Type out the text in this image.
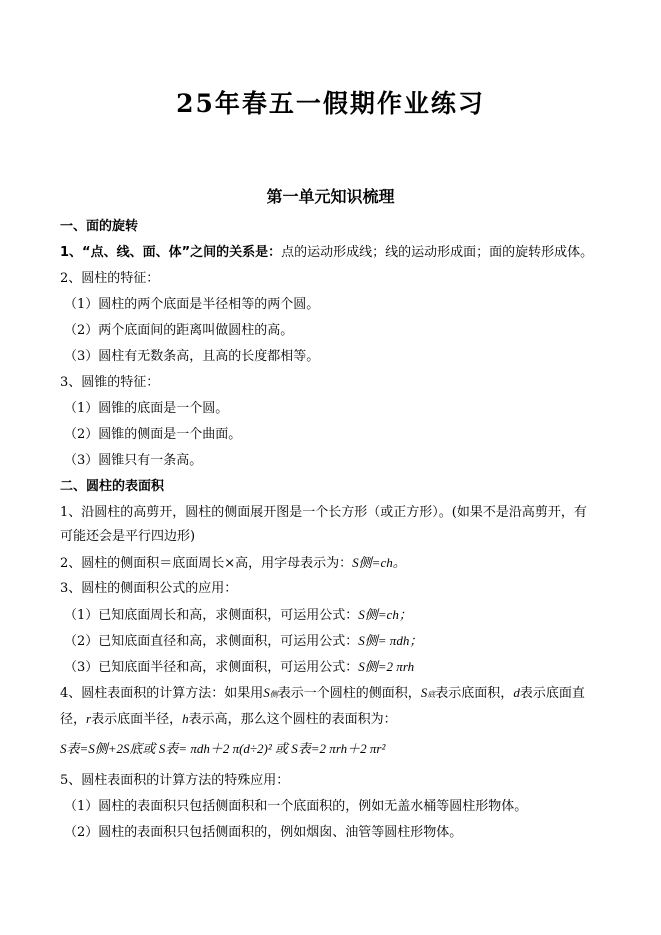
25年春五一假期作业练习
第一单元知识梳理
一、面的旋转
1、“点、线、面、体”之间的关系是：点的运动形成线；线的运动形成面；面的旋转形成体。
2、圆柱的特征：
（1）圆柱的两个底面是半径相等的两个圆。
（2）两个底面间的距离叫做圆柱的高。
（3）圆柱有无数条高，且高的长度都相等。
3、圆锥的特征：
（1）圆锥的底面是一个圆。
（2）圆锥的侧面是一个曲面。
（3）圆锥只有一条高。
二、圆柱的表面积
1、沿圆柱的高剪开，圆柱的侧面展开图是一个长方形（或正方形）。(如果不是沿高剪开，有
可能还会是平行四边形)
2、圆柱的侧面积＝底面周长×高，用字母表示为：S侧=ch。
3、圆柱的侧面积公式的应用：
（1）已知底面周长和高，求侧面积，可运用公式：S侧=ch；
（2）已知底面直径和高，求侧面积，可运用公式：S侧= πdh；
（3）已知底面半径和高，求侧面积，可运用公式：S侧=2 πrh
4、圆柱表面积的计算方法：如果用S侧表示一个圆柱的侧面积，S底表示底面积，d表示底面直
径，r表示底面半径，h表示高，那么这个圆柱的表面积为：
S表=S侧+2S底或 S表= πdh＋2 π(d÷2)² 或 S表=2 πrh＋2 πr²
5、圆柱表面积的计算方法的特殊应用：
（1）圆柱的表面积只包括侧面积和一个底面积的，例如无盖水桶等圆柱形物体。
（2）圆柱的表面积只包括侧面积的，例如烟囱、油管等圆柱形物体。
